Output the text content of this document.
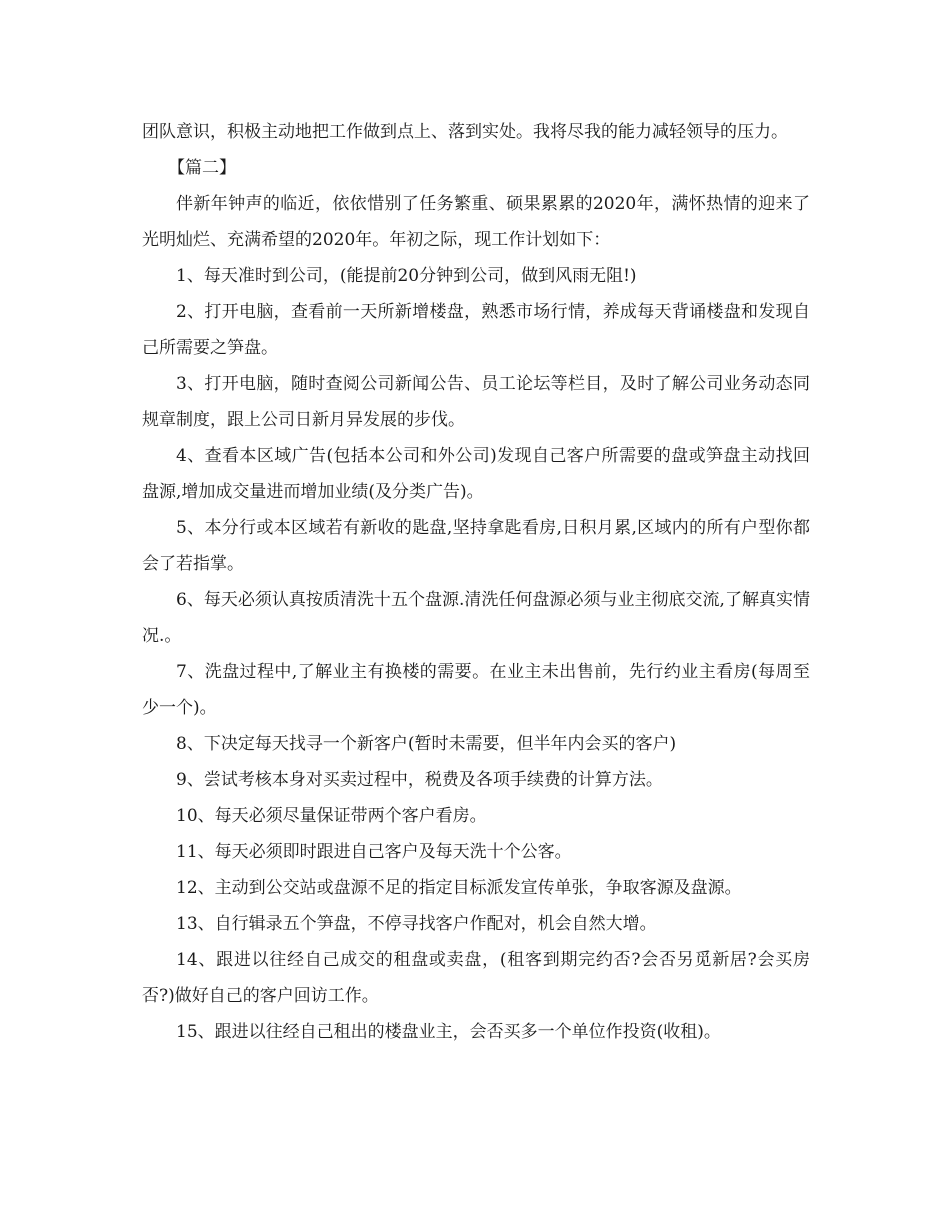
团队意识，积极主动地把工作做到点上、落到实处。我将尽我的能力减轻领导的压力。

【篇二】

伴新年钟声的临近，依依惜别了任务繁重、硕果累累的2020年，满怀热情的迎来了光明灿烂、充满希望的2020年。年初之际，现工作计划如下：

1、每天准时到公司，(能提前20分钟到公司，做到风雨无阻!)

2、打开电脑，查看前一天所新增楼盘，熟悉市场行情，养成每天背诵楼盘和发现自己所需要之笋盘。

3、打开电脑，随时查阅公司新闻公告、员工论坛等栏目，及时了解公司业务动态同规章制度，跟上公司日新月异发展的步伐。

4、查看本区域广告(包括本公司和外公司)发现自己客户所需要的盘或笋盘主动找回盘源,增加成交量进而增加业绩(及分类广告)。

5、本分行或本区域若有新收的匙盘,坚持拿匙看房,日积月累,区域内的所有户型你都会了若指掌。

6、每天必须认真按质清洗十五个盘源.清洗任何盘源必须与业主彻底交流,了解真实情况.。

7、洗盘过程中,了解业主有换楼的需要。在业主未出售前，先行约业主看房(每周至少一个)。

8、下决定每天找寻一个新客户(暂时未需要，但半年内会买的客户)

9、尝试考核本身对买卖过程中，税费及各项手续费的计算方法。

10、每天必须尽量保证带两个客户看房。

11、每天必须即时跟进自己客户及每天洗十个公客。

12、主动到公交站或盘源不足的指定目标派发宣传单张，争取客源及盘源。

13、自行辑录五个笋盘，不停寻找客户作配对，机会自然大增。

14、跟进以往经自己成交的租盘或卖盘，(租客到期完约否?会否另觅新居?会买房否?)做好自己的客户回访工作。

15、跟进以往经自己租出的楼盘业主，会否买多一个单位作投资(收租)。
